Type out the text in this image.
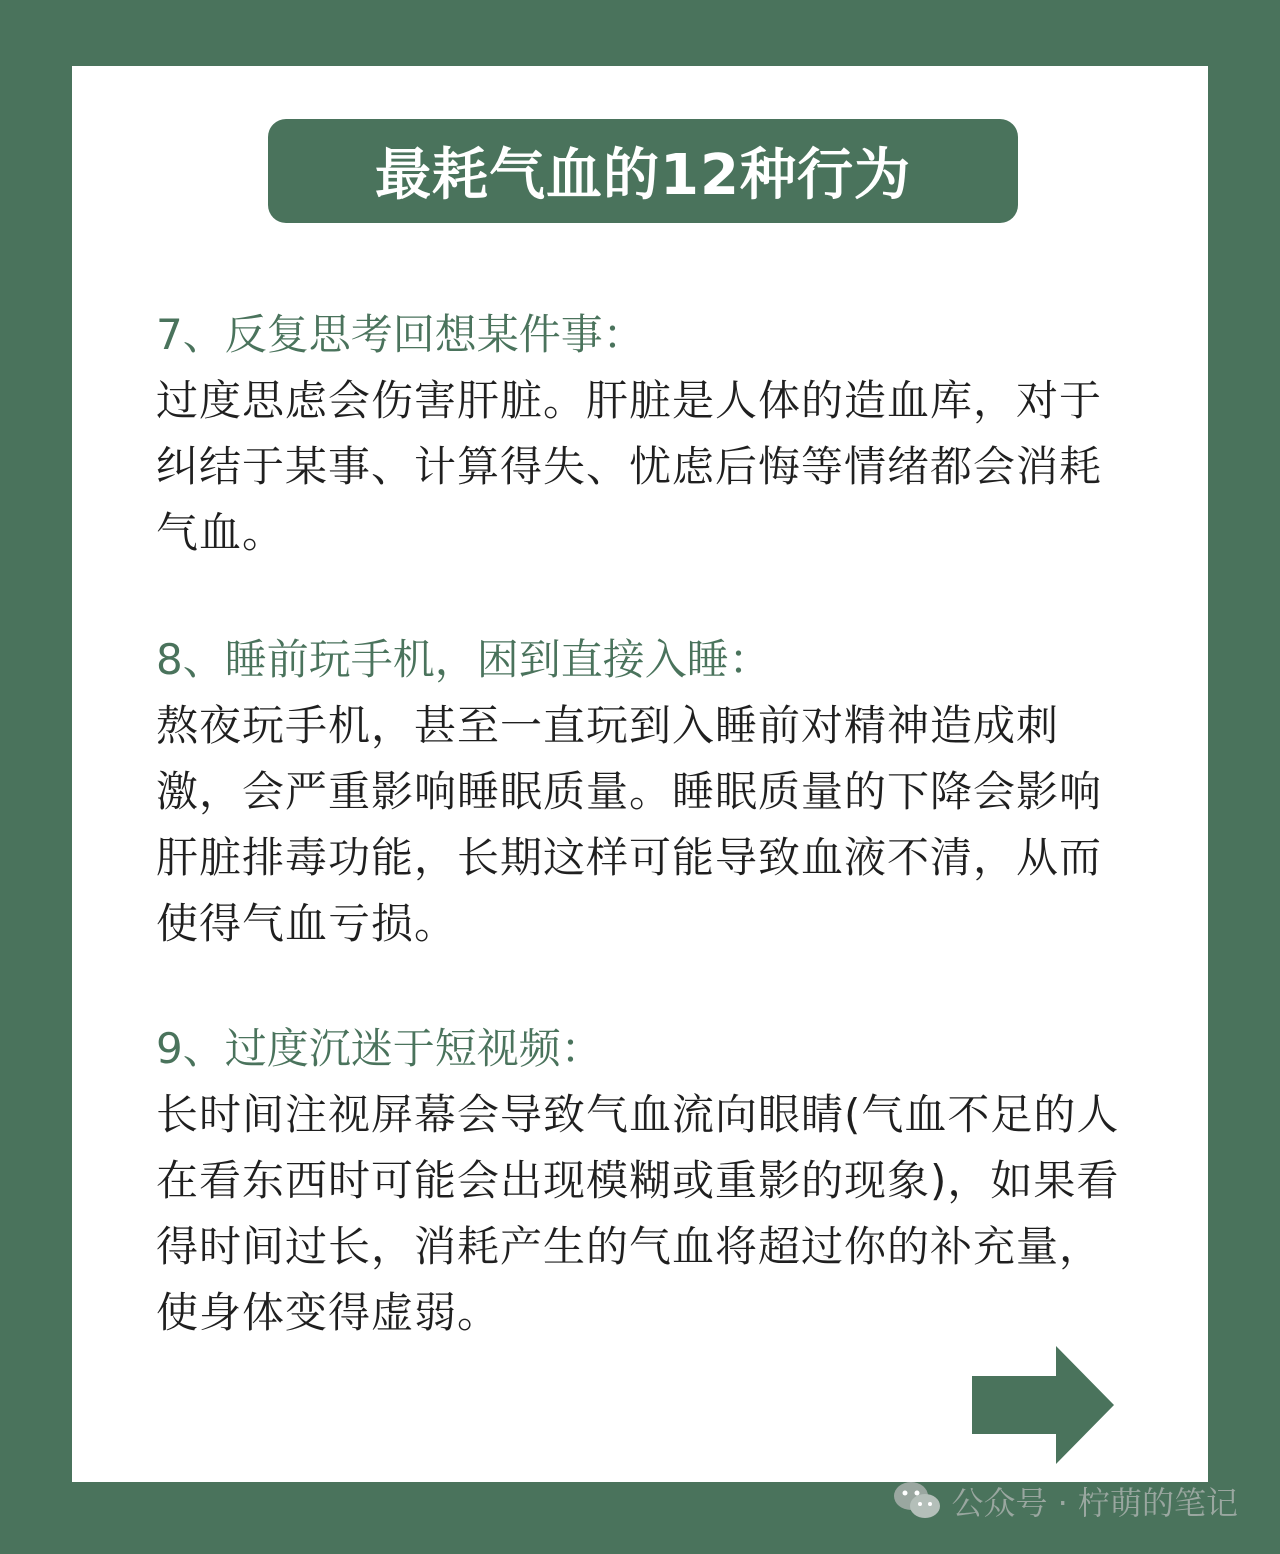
最耗气血的12种行为

7、反复思考回想某件事：

过度思虑会伤害肝脏。肝脏是人体的造血库，对于纠结于某事、计算得失、忧虑后悔等情绪都会消耗气血。

8、睡前玩手机，困到直接入睡：

熬夜玩手机，甚至一直玩到入睡前对精神造成刺激，会严重影响睡眠质量。睡眠质量的下降会影响肝脏排毒功能，长期这样可能导致血液不清，从而使得气血亏损。

9、过度沉迷于短视频：

长时间注视屏幕会导致气血流向眼睛(气血不足的人在看东西时可能会出现模糊或重影的现象)，如果看得时间过长，消耗产生的气血将超过你的补充量，使身体变得虚弱。

公众号 · 柠萌的笔记
